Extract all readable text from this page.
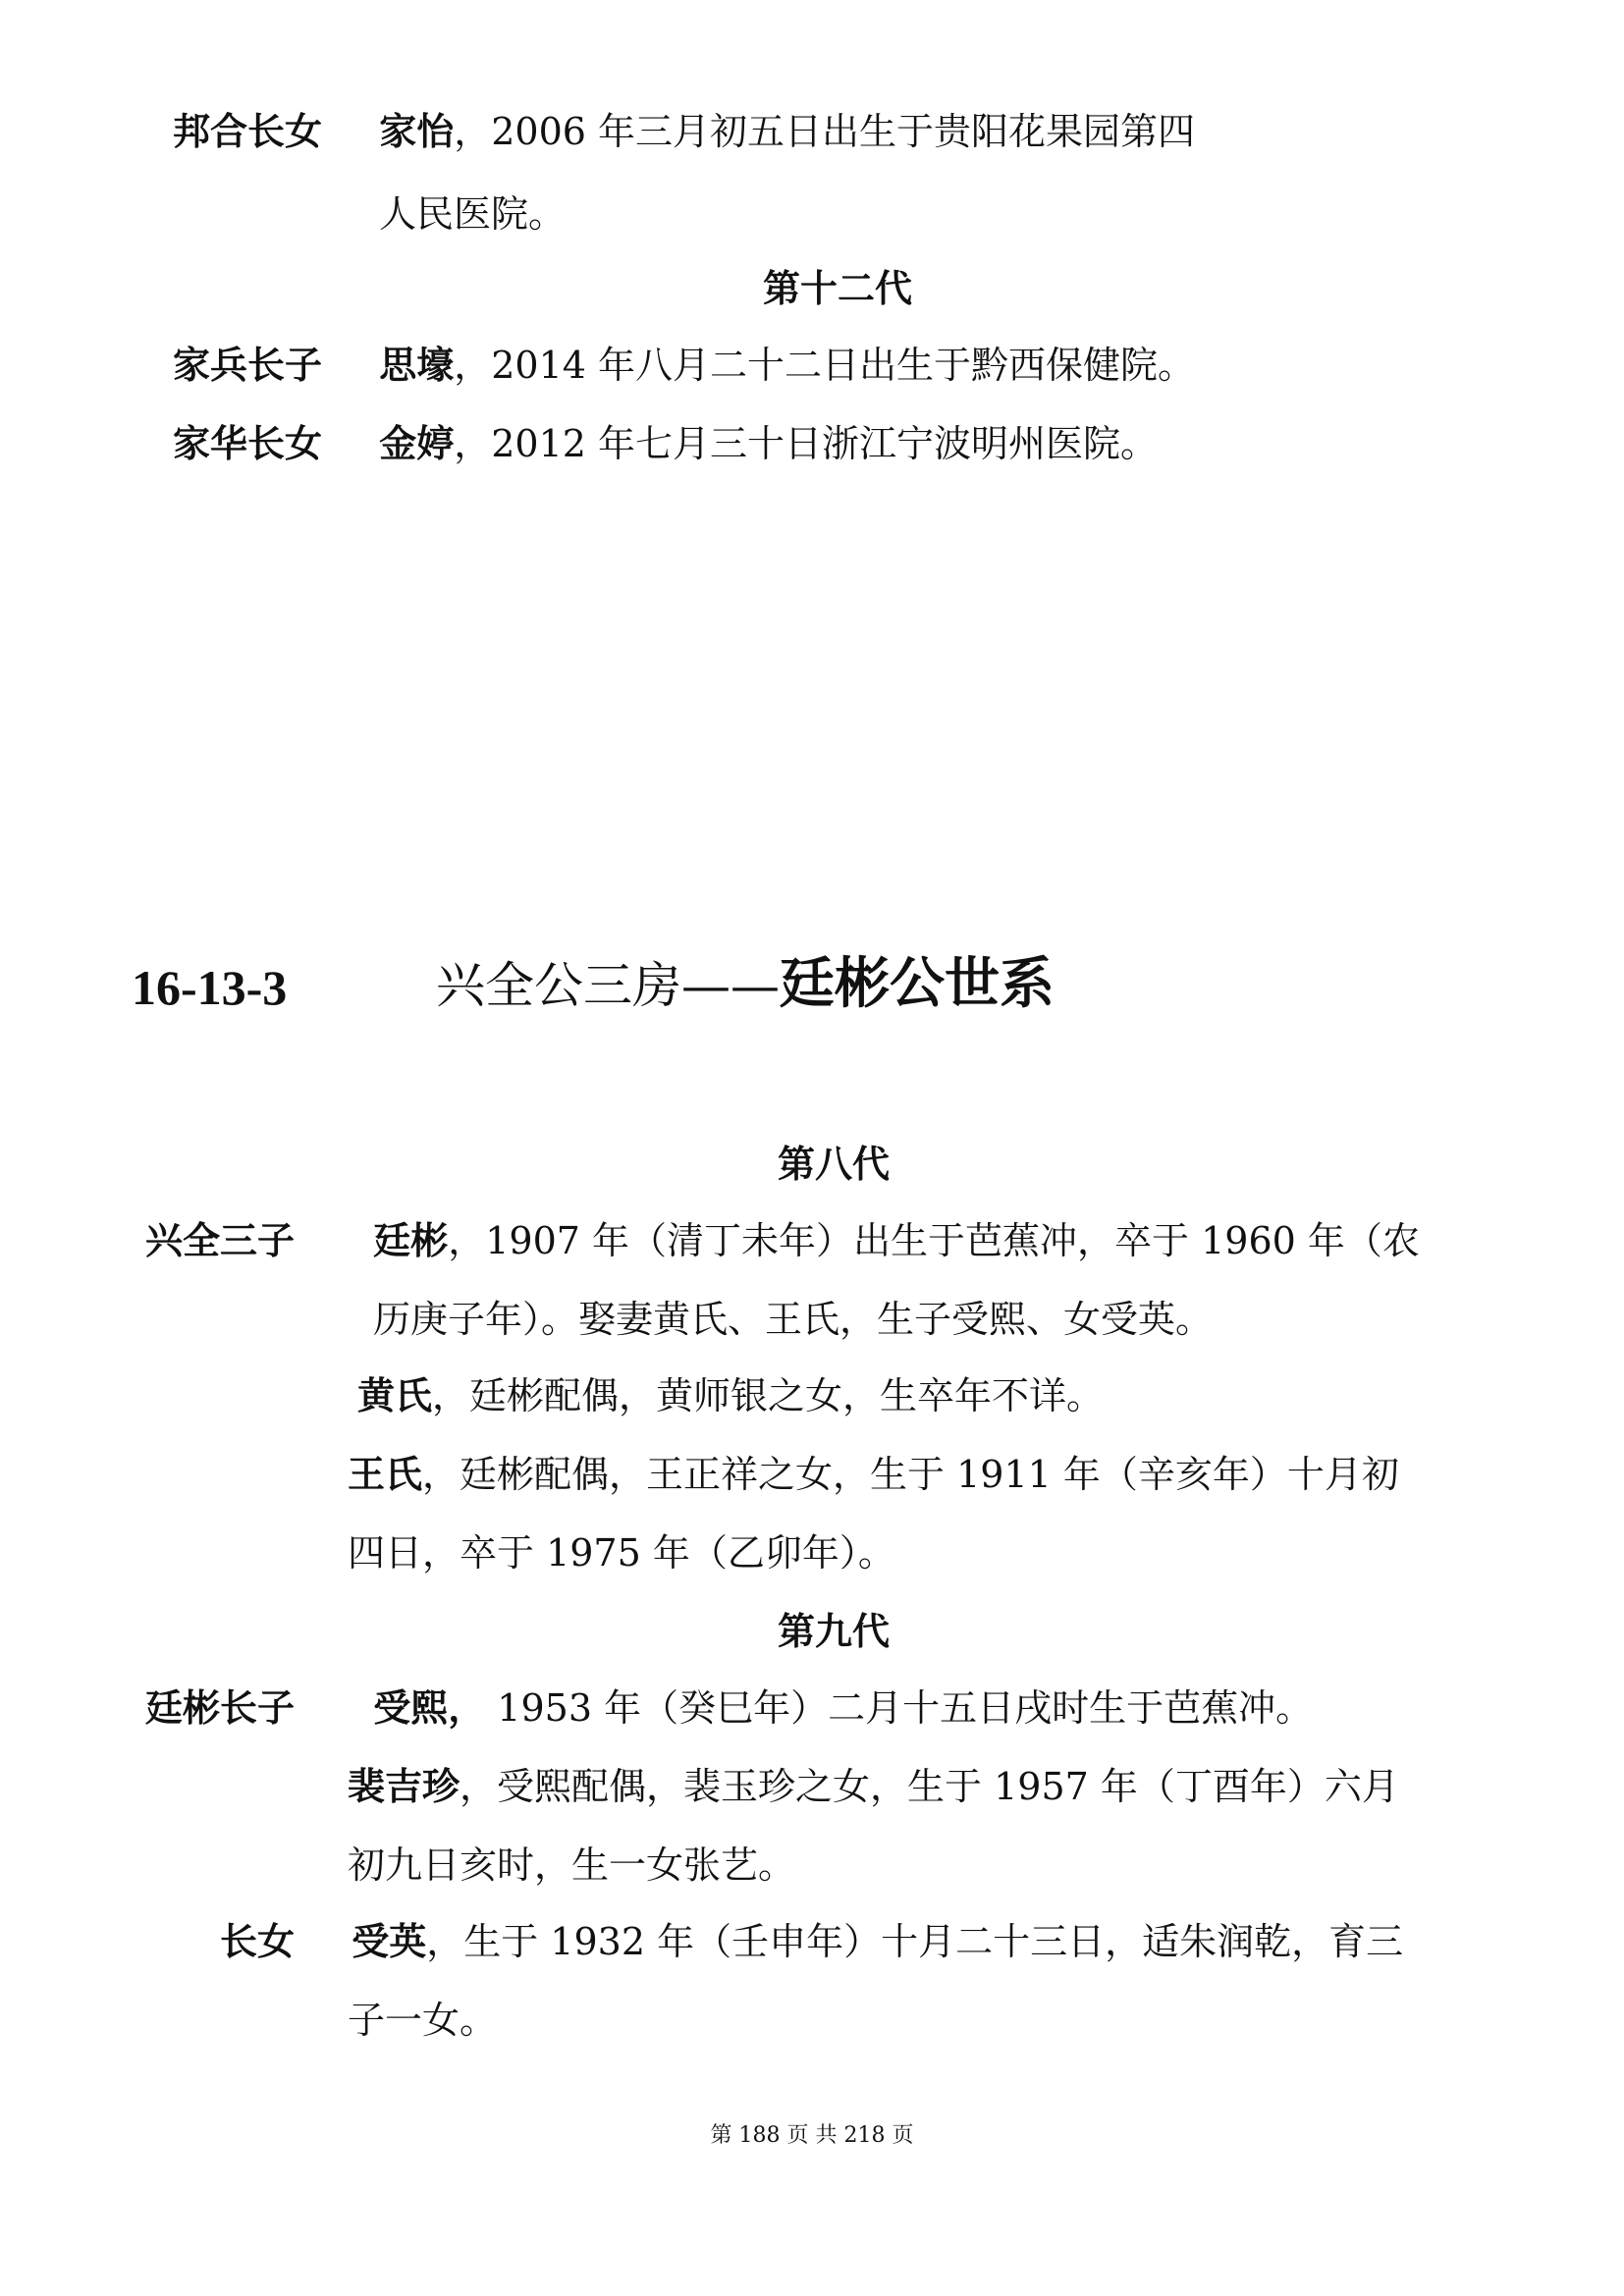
邦合长女 家怡，2006 年三月初五日出生于贵阳花果园第四
人民医院。
第十二代
家兵长子 思壕，2014 年八月二十二日出生于黔西保健院。
家华长女 金婷，2012 年七月三十日浙江宁波明州医院。
16-13-3	兴全公三房——廷彬公世系
第八代
兴全三子 廷彬，1907 年（清丁未年）出生于芭蕉冲，卒于 1960 年（农
历庚子年）。娶妻黄氏、王氏，生子受熙、女受英。
黄氏，廷彬配偶，黄师银之女，生卒年不详。
王氏，廷彬配偶，王正祥之女，生于 1911 年（辛亥年）十月初
四日，卒于 1975 年（乙卯年）。
第九代
廷彬长子 受熙， 1953 年（癸巳年）二月十五日戌时生于芭蕉冲。
裴吉珍，受熙配偶，裴玉珍之女，生于 1957 年（丁酉年）六月
初九日亥时，生一女张艺。
长女 受英，生于 1932 年（壬申年）十月二十三日，适朱润乾，育三
子一女。
第 188 页 共 218 页
